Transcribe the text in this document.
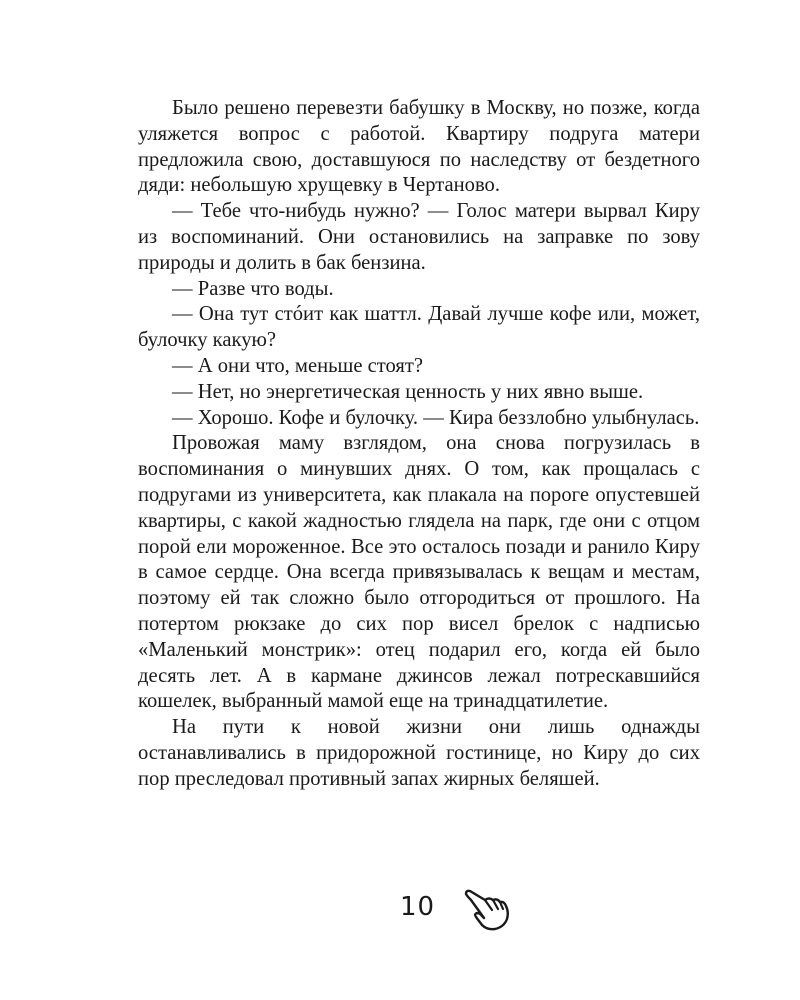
Было решено перевезти бабушку в Москву, но позже, когда уляжется вопрос с работой. Квартиру подруга матери предложила свою, доставшуюся по наследству от бездетного дяди: небольшую хрущевку в Чертаново.

— Тебе что-нибудь нужно? — Голос матери вырвал Киру из воспоминаний. Они остановились на заправке по зову природы и долить в бак бензина.

— Разве что воды.

— Она тут стóит как шаттл. Давай лучше кофе или, может, булочку какую?

— А они что, меньше стоят?

— Нет, но энергетическая ценность у них явно выше.

— Хорошо. Кофе и булочку. — Кира беззлобно улыбнулась.

Провожая маму взглядом, она снова погрузилась в воспоминания о минувших днях. О том, как прощалась с подругами из университета, как плакала на пороге опустевшей квартиры, с какой жадностью глядела на парк, где они с отцом порой ели мороженное. Все это осталось позади и ранило Киру в самое сердце. Она всегда привязывалась к вещам и местам, поэтому ей так сложно было отгородиться от прошлого. На потертом рюкзаке до сих пор висел брелок с надписью «Маленький монстрик»: отец подарил его, когда ей было десять лет. А в кармане джинсов лежал потрескавшийся кошелек, выбранный мамой еще на тринадцатилетие.

На пути к новой жизни они лишь однажды останавливались в придорожной гостинице, но Киру до сих пор преследовал противный запах жирных беляшей.

10
